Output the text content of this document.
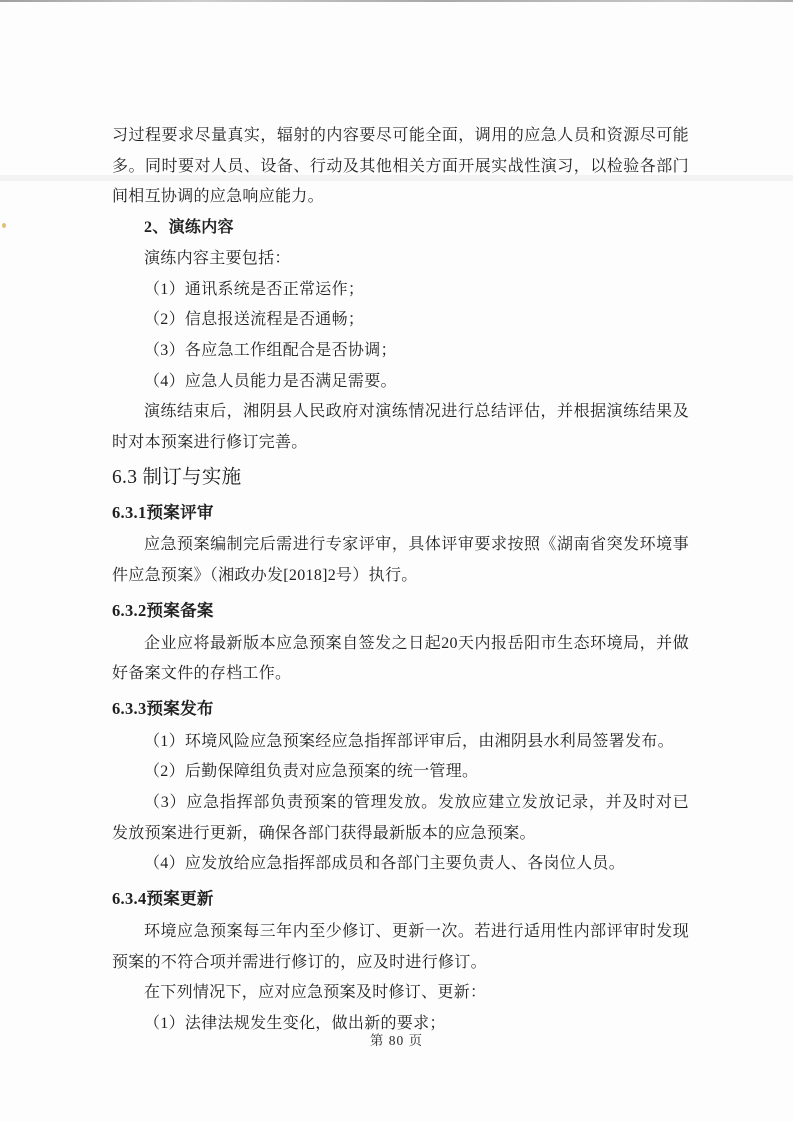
习过程要求尽量真实，辐射的内容要尽可能全面，调用的应急人员和资源尽可能多。同时要对人员、设备、行动及其他相关方面开展实战性演习，以检验各部门间相互协调的应急响应能力。

2、演练内容

演练内容主要包括：

（1）通讯系统是否正常运作；

（2）信息报送流程是否通畅；

（3）各应急工作组配合是否协调；

（4）应急人员能力是否满足需要。

演练结束后，湘阴县人民政府对演练情况进行总结评估，并根据演练结果及时对本预案进行修订完善。

6.3 制订与实施
6.3.1预案评审

应急预案编制完后需进行专家评审，具体评审要求按照《湖南省突发环境事件应急预案》（湘政办发[2018]2号）执行。

6.3.2预案备案

企业应将最新版本应急预案自签发之日起20天内报岳阳市生态环境局，并做好备案文件的存档工作。

6.3.3预案发布

（1）环境风险应急预案经应急指挥部评审后，由湘阴县水利局签署发布。

（2）后勤保障组负责对应急预案的统一管理。

（3）应急指挥部负责预案的管理发放。发放应建立发放记录，并及时对已发放预案进行更新，确保各部门获得最新版本的应急预案。

（4）应发放给应急指挥部成员和各部门主要负责人、各岗位人员。

6.3.4预案更新

环境应急预案每三年内至少修订、更新一次。若进行适用性内部评审时发现预案的不符合项并需进行修订的，应及时进行修订。

在下列情况下，应对应急预案及时修订、更新：

（1）法律法规发生变化，做出新的要求；

第 80 页
